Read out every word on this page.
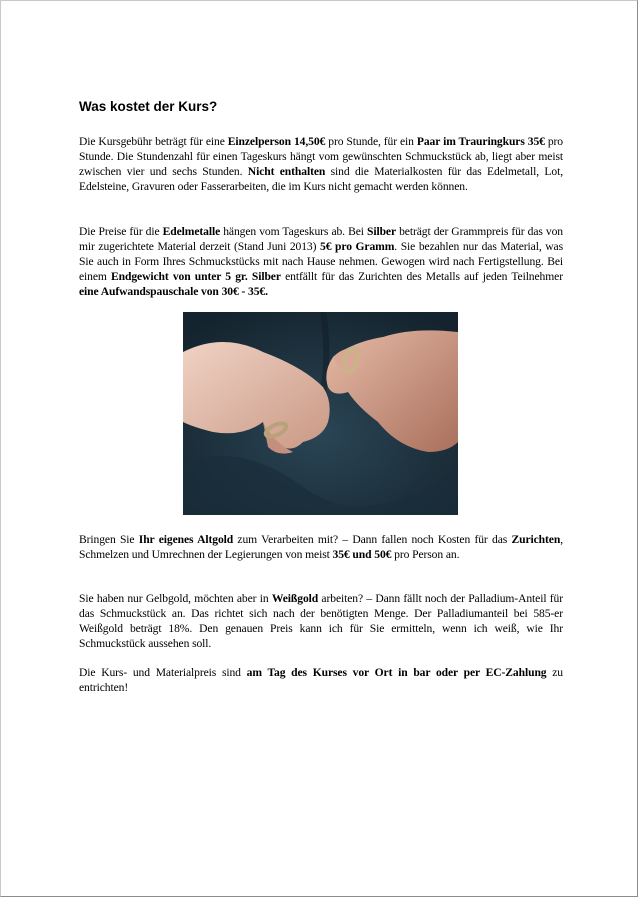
Was kostet der Kurs?

Die Kursgebühr beträgt für eine Einzelperson 14,50€ pro Stunde, für ein Paar im Trauringkurs 35€ pro Stunde. Die Stundenzahl für einen Tageskurs hängt vom gewünschten Schmuckstück ab, liegt aber meist zwischen vier und sechs Stunden. Nicht enthalten sind die Materialkosten für das Edelmetall, Lot, Edelsteine, Gravuren oder Fasserarbeiten, die im Kurs nicht gemacht werden können.

Die Preise für die Edelmetalle hängen vom Tageskurs ab. Bei Silber beträgt der Grammpreis für das von mir zugerichtete Material derzeit (Stand Juni 2013) 5€ pro Gramm. Sie bezahlen nur das Material, was Sie auch in Form Ihres Schmuckstücks mit nach Hause nehmen. Gewogen wird nach Fertigstellung. Bei einem Endgewicht von unter 5 gr. Silber entfällt für das Zurichten des Metalls auf jeden Teilnehmer eine Aufwandspauschale von 30€ - 35€.

Bringen Sie Ihr eigenes Altgold zum Verarbeiten mit? – Dann fallen noch Kosten für das Zurichten, Schmelzen und Umrechnen der Legierungen von meist 35€ und 50€ pro Person an.

Sie haben nur Gelbgold, möchten aber in Weißgold arbeiten? – Dann fällt noch der Palladium-Anteil für das Schmuckstück an. Das richtet sich nach der benötigten Menge. Der Palladiumanteil bei 585-er Weißgold beträgt 18%. Den genauen Preis kann ich für Sie ermitteln, wenn ich weiß, wie Ihr Schmuckstück aussehen soll.

Die Kurs- und Materialpreis sind am Tag des Kurses vor Ort in bar oder per EC-Zahlung zu entrichten!
